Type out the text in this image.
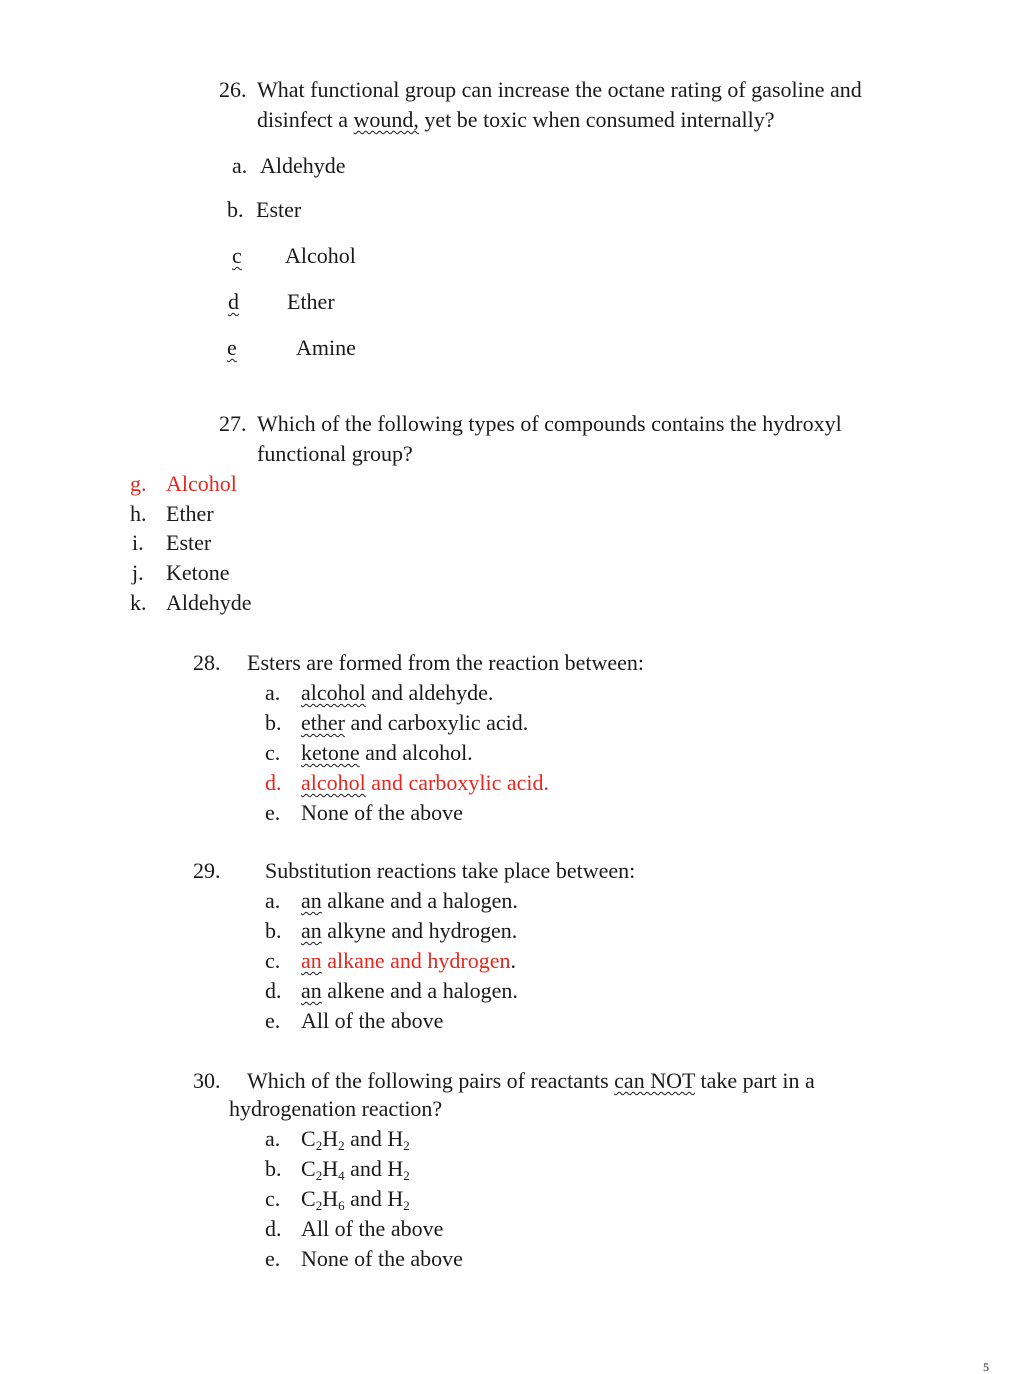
26. What functional group can increase the octane rating of gasoline and
disinfect a wound, yet be toxic when consumed internally?
a. Aldehyde
b. Ester
c Alcohol
d Ether
e	Amine
27. Which of the following types of compounds contains the hydroxyl
functional group?
g. Alcohol
h. Ether
i. Ester
j. Ketone
k. Aldehyde
28. Esters are formed from the reaction between:
a. alcohol and aldehyde.
b. ether and carboxylic acid.
c. ketone and alcohol.
d. alcohol and carboxylic acid.
e. None of the above
29. Substitution reactions take place between:
a. an alkane and a halogen.
b. an alkyne and hydrogen.
c. an alkane and hydrogen.
d. an alkene and a halogen.
e. All of the above
30. Which of the following pairs of reactants can NOT take part in a
hydrogenation reaction?
a. $C_2H_2$ and $H_2$
b. $C_2H_4$ and $H_2$
c. $C_2H_6$ and $H_2$
d. All of the above
e. None of the above
5
